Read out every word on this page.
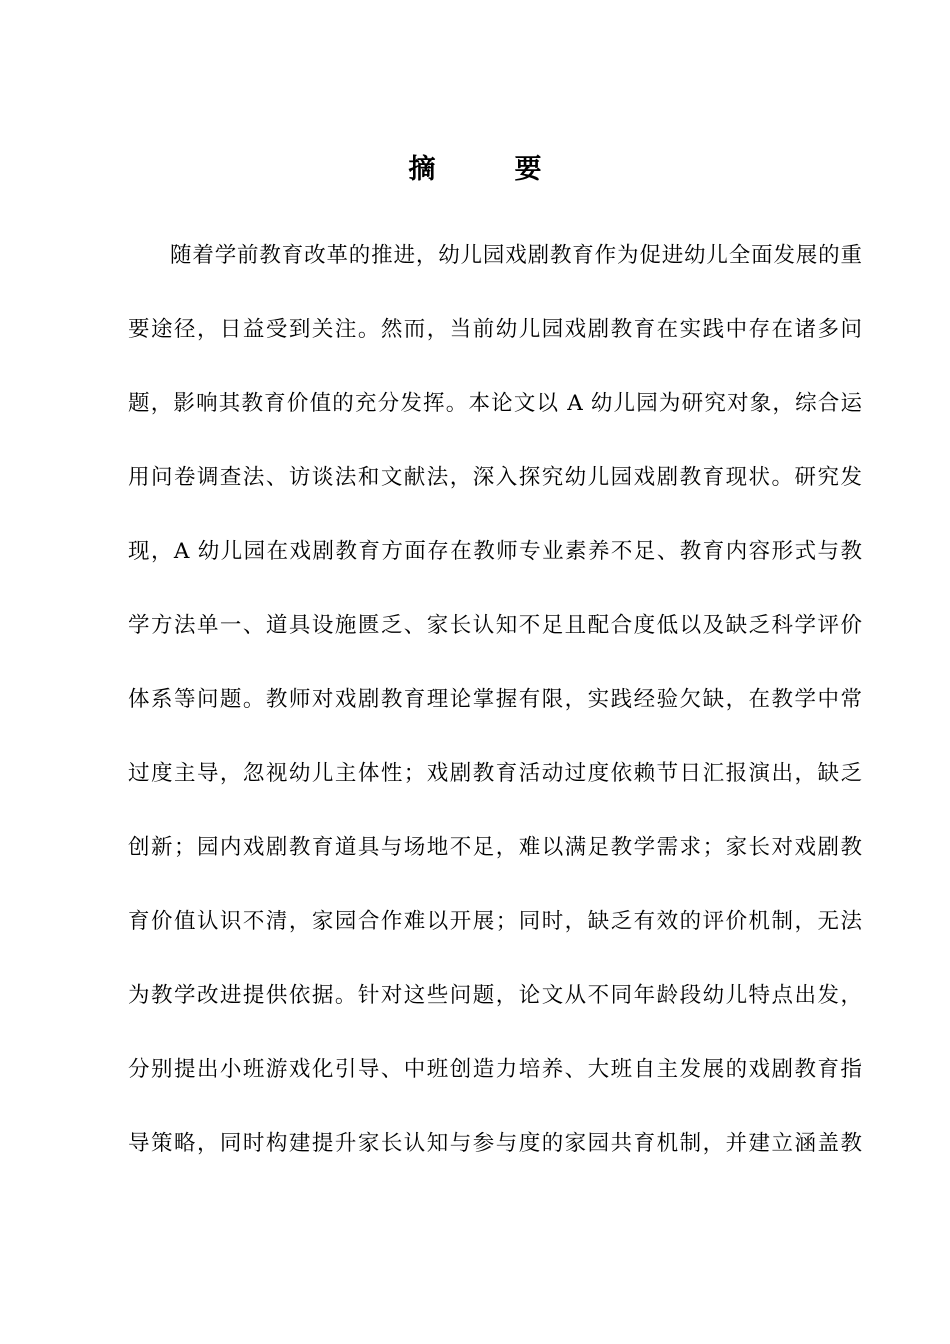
摘　要
随着学前教育改革的推进，幼儿园戏剧教育作为促进幼儿全面发展的重
要途径，日益受到关注。然而，当前幼儿园戏剧教育在实践中存在诸多问
题，影响其教育价值的充分发挥。本论文以 A 幼儿园为研究对象，综合运
用问卷调查法、访谈法和文献法，深入探究幼儿园戏剧教育现状。研究发
现，A 幼儿园在戏剧教育方面存在教师专业素养不足、教育内容形式与教
学方法单一、道具设施匮乏、家长认知不足且配合度低以及缺乏科学评价
体系等问题。教师对戏剧教育理论掌握有限，实践经验欠缺，在教学中常
过度主导，忽视幼儿主体性；戏剧教育活动过度依赖节日汇报演出，缺乏
创新；园内戏剧教育道具与场地不足，难以满足教学需求；家长对戏剧教
育价值认识不清，家园合作难以开展；同时，缺乏有效的评价机制，无法
为教学改进提供依据。针对这些问题，论文从不同年龄段幼儿特点出发，
分别提出小班游戏化引导、中班创造力培养、大班自主发展的戏剧教育指
导策略，同时构建提升家长认知与参与度的家园共育机制，并建立涵盖教
